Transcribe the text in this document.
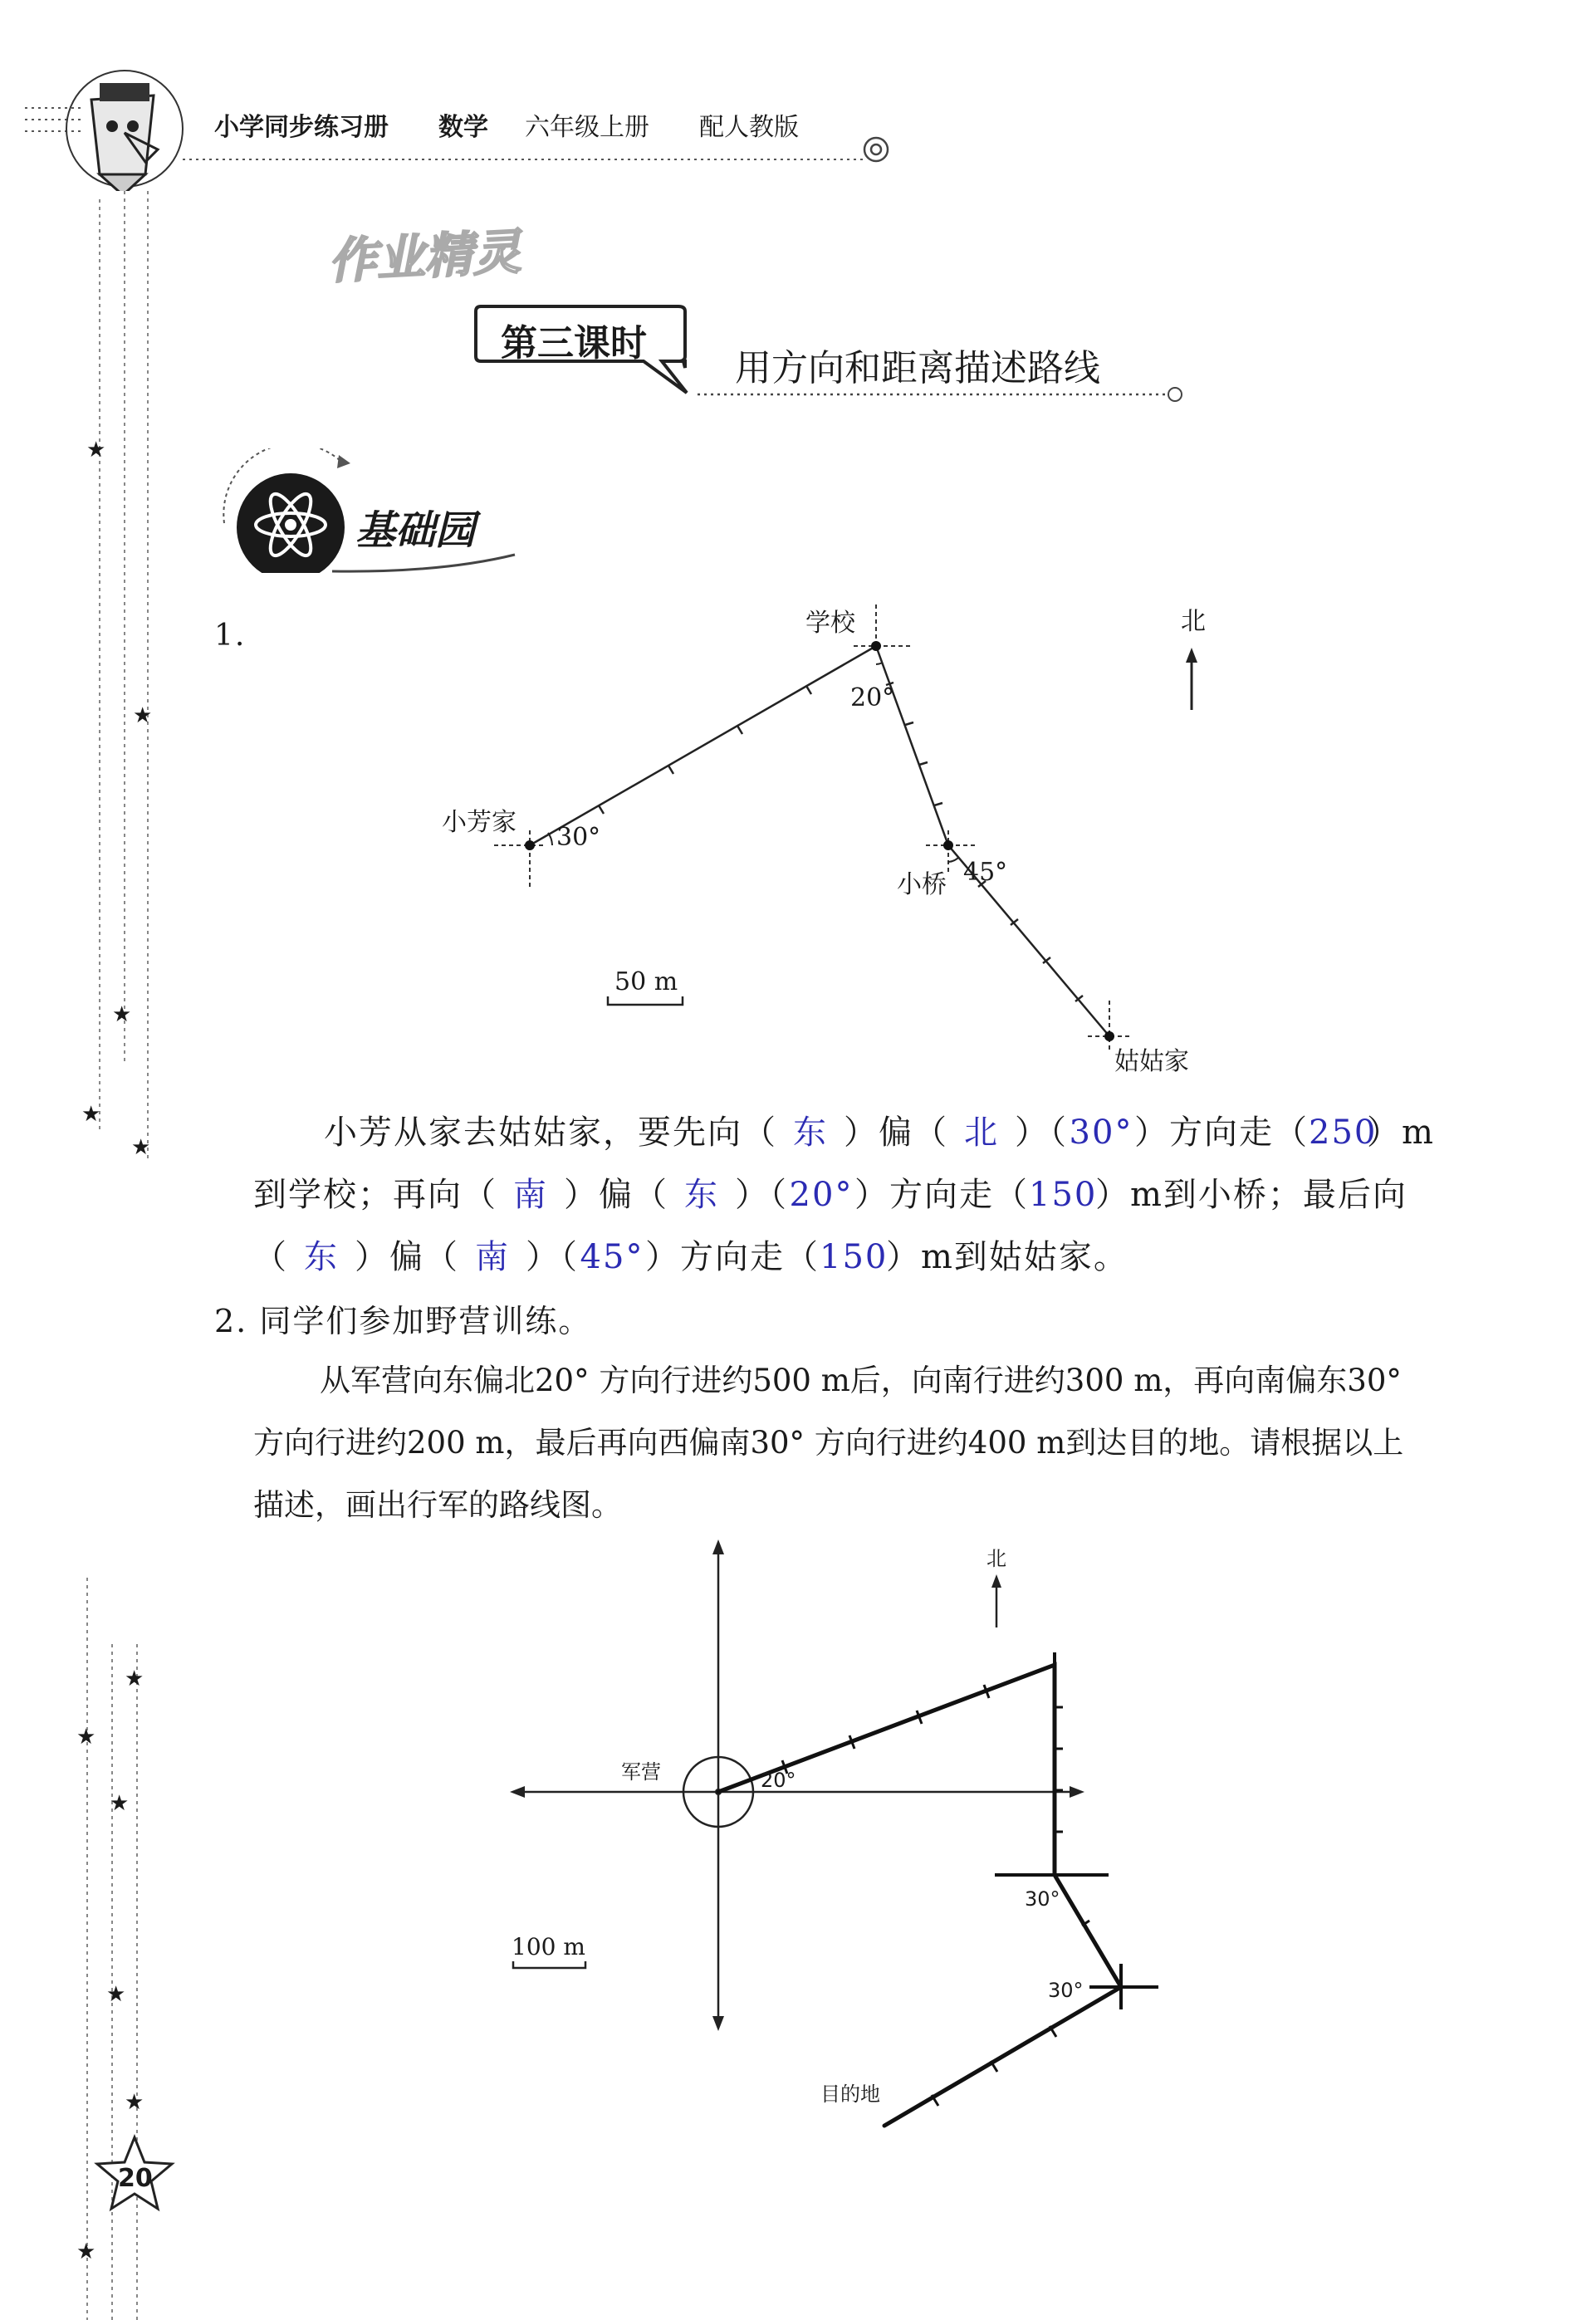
★
★
★
★
★
★
★
★
★
★
★
小学同步练习册 数学 六年级上册 配人教版
作业精灵
第三课时
用方向和距离描述路线
基础园
1.	学校	北
20°
小芳家
30°
小桥 45°
姑姑家
50 m
小芳从家去姑姑家，要先向（ 东 ）偏（ 北 ）（30°）方向走（250）m
到学校；再向（ 南 ）偏（ 东 ）（20°）方向走（150）m到小桥；最后向
（ 东 ）偏（ 南 ）（45°）方向走（150）m到姑姑家。
2. 同学们参加野营训练。
从军营向东偏北20° 方向行进约500 m后，向南行进约300 m，再向南偏东30°
方向行进约200 m，最后再向西偏南30° 方向行进约400 m到达目的地。请根据以上
描述，画出行军的路线图。
北
军营	20°
30°
30°
目的地
100 m
20
